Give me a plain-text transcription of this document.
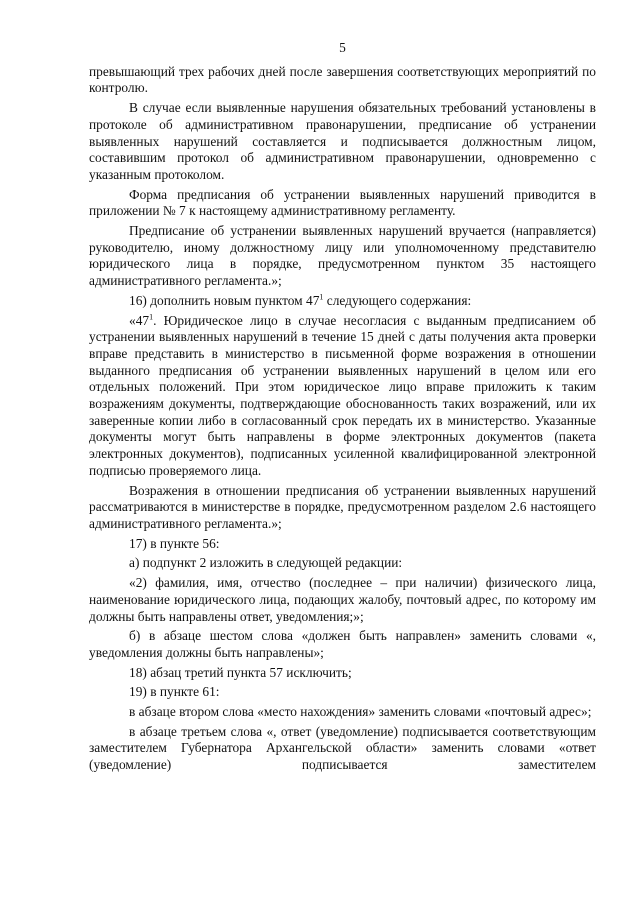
5

превышающий трех рабочих дней после завершения соответствующих мероприятий по контролю.

В случае если выявленные нарушения обязательных требований установлены в протоколе об административном правонарушении, предписание об устранении выявленных нарушений составляется и подписывается должностным лицом, составившим протокол об административном правонарушении, одновременно с указанным протоколом.

Форма предписания об устранении выявленных нарушений приводится в приложении № 7 к настоящему административному регламенту.

Предписание об устранении выявленных нарушений вручается (направляется) руководителю, иному должностному лицу или уполномоченному представителю юридического лица в порядке, предусмотренном пунктом 35 настоящего административного регламента.»;

16) дополнить новым пунктом $47^1$ следующего содержания:

«$47^1$. Юридическое лицо в случае несогласия с выданным предписанием об устранении выявленных нарушений в течение 15 дней с даты получения акта проверки вправе представить в министерство в письменной форме возражения в отношении выданного предписания об устранении выявленных нарушений в целом или его отдельных положений. При этом юридическое лицо вправе приложить к таким возражениям документы, подтверждающие обоснованность таких возражений, или их заверенные копии либо в согласованный срок передать их в министерство. Указанные документы могут быть направлены в форме электронных документов (пакета электронных документов), подписанных усиленной квалифицированной электронной подписью проверяемого лица.

Возражения в отношении предписания об устранении выявленных нарушений рассматриваются в министерстве в порядке, предусмотренном разделом 2.6 настоящего административного регламента.»;

17) в пункте 56:

а) подпункт 2 изложить в следующей редакции:

«2) фамилия, имя, отчество (последнее – при наличии) физического лица, наименование юридического лица, подающих жалобу, почтовый адрес, по которому им должны быть направлены ответ, уведомления;»;

б) в абзаце шестом слова «должен быть направлен» заменить словами «, уведомления должны быть направлены»;

18) абзац третий пункта 57 исключить;

19) в пункте 61:

в абзаце втором слова «место нахождения» заменить словами «почтовый адрес»;

в абзаце третьем слова «, ответ (уведомление) подписывается соответствующим заместителем Губернатора Архангельской области» заменить словами «ответ (уведомление) подписывается заместителем
